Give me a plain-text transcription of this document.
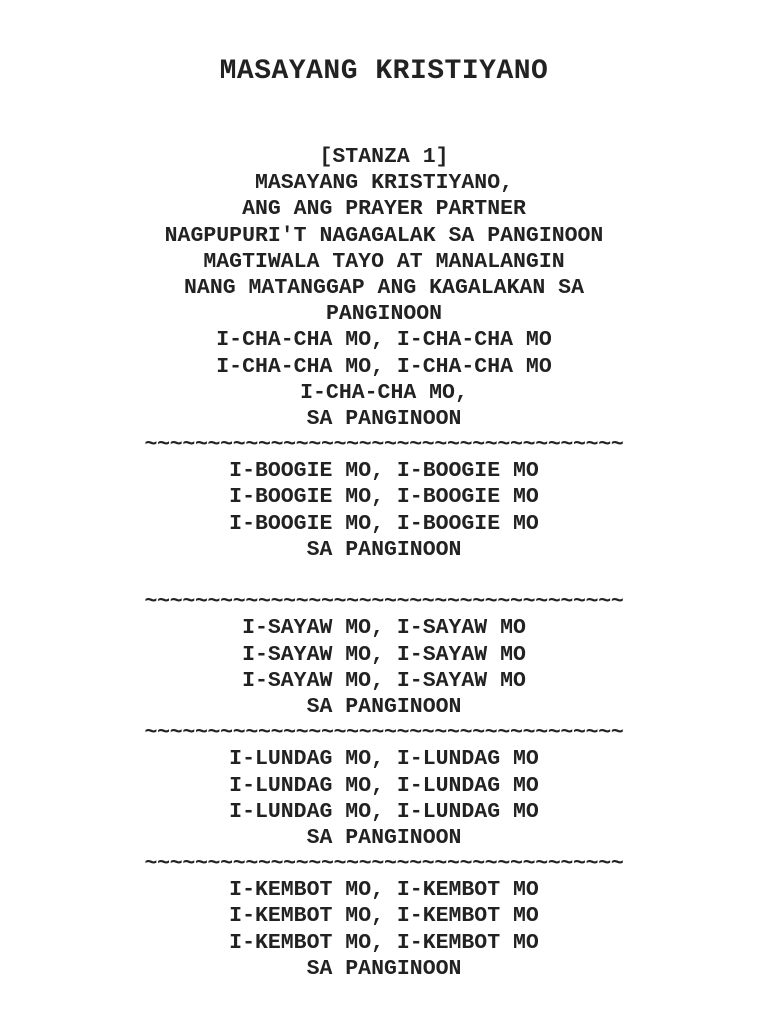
MASAYANG KRISTIYANO
[STANZA 1]
MASAYANG KRISTIYANO,
ANG ANG PRAYER PARTNER
NAGPUPURI'T NAGAGALAK SA PANGINOON
MAGTIWALA TAYO AT MANALANGIN
NANG MATANGGAP ANG KAGALAKAN SA
PANGINOON
I-CHA-CHA MO, I-CHA-CHA MO
I-CHA-CHA MO, I-CHA-CHA MO
I-CHA-CHA MO,
SA PANGINOON
~~~~~~~~~~~~~~~~~~~~~~~~~~~~~~~~~~~~~~
I-BOOGIE MO, I-BOOGIE MO
I-BOOGIE MO, I-BOOGIE MO
I-BOOGIE MO, I-BOOGIE MO
SA PANGINOON
~~~~~~~~~~~~~~~~~~~~~~~~~~~~~~~~~~~~~~
I-SAYAW MO, I-SAYAW MO
I-SAYAW MO, I-SAYAW MO
I-SAYAW MO, I-SAYAW MO
SA PANGINOON
~~~~~~~~~~~~~~~~~~~~~~~~~~~~~~~~~~~~~~
I-LUNDAG MO, I-LUNDAG MO
I-LUNDAG MO, I-LUNDAG MO
I-LUNDAG MO, I-LUNDAG MO
SA PANGINOON
~~~~~~~~~~~~~~~~~~~~~~~~~~~~~~~~~~~~~~
I-KEMBOT MO, I-KEMBOT MO
I-KEMBOT MO, I-KEMBOT MO
I-KEMBOT MO, I-KEMBOT MO
SA PANGINOON
